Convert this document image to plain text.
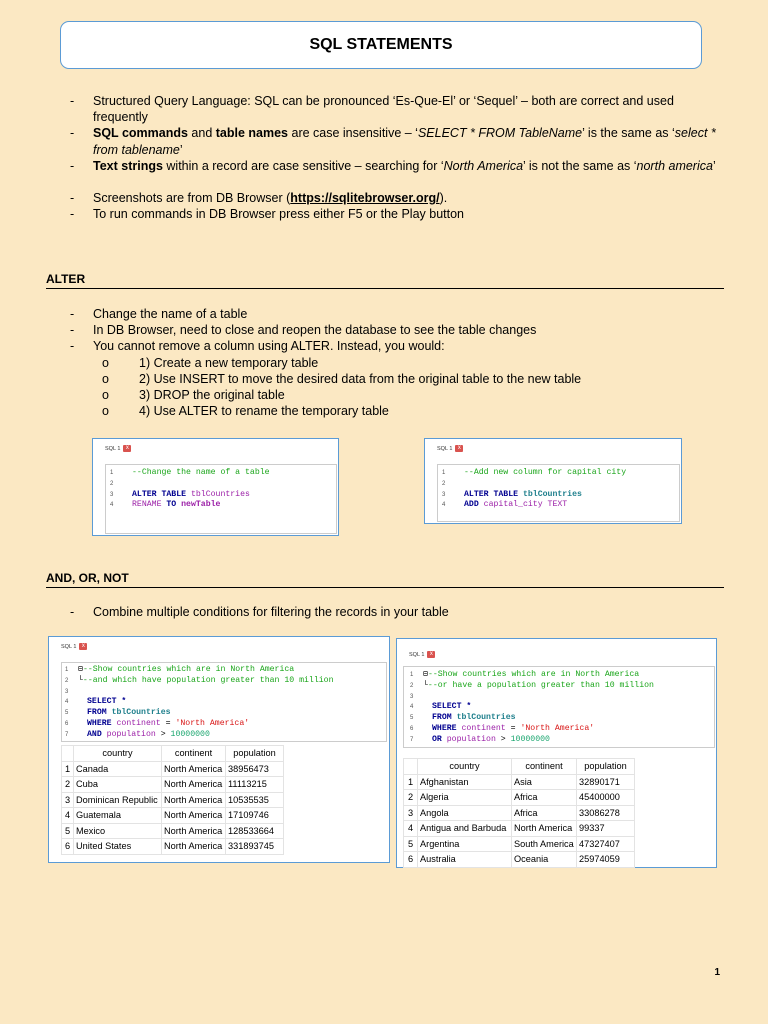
SQL STATEMENTS
- Structured Query Language: SQL can be pronounced ‘Es-Que-El’ or ‘Sequel’ – both are correct and used frequently
- SQL commands and table names are case insensitive – ‘SELECT * FROM TableName’ is the same as ‘select * from tablename’
- Text strings within a record are case sensitive – searching for ‘North America’ is not the same as ‘north america’
- Screenshots are from DB Browser (https://sqlitebrowser.org/).
- To run commands in DB Browser press either F5 or the Play button
ALTER
- Change the name of a table
- In DB Browser, need to close and reopen the database to see the table changes
- You cannot remove a column using ALTER. Instead, you would:
o 1) Create a new temporary table
o 2) Use INSERT to move the desired data from the original table to the new table
o 3) DROP the original table
o 4) Use ALTER to rename the temporary table
SQL 1 x
1 --Change the name of a table
2
3 ALTER TABLE tblCountries
4 RENAME TO newTable
SQL 1 x
1 --Add new column for capital city
2
3 ALTER TABLE tblCountries
4 ADD capital_city TEXT
AND, OR, NOT
- Combine multiple conditions for filtering the records in your table
SQL 1 x
1 ⊟--Show countries which are in North America
2 └--and which have population greater than 10 million
3
4 SELECT *
5 FROM tblCountries
6 WHERE continent = 'North America'
7 AND population > 10000000
	country	continent	population
1	Canada	North America	38956473
2	Cuba	North America	11113215
3	Dominican Republic	North America	10535535
4	Guatemala	North America	17109746
5	Mexico	North America	128533664
6	United States	North America	331893745
SQL 1 x
1 ⊟--Show countries which are in North America
2 └--or have a population greater than 10 million
3
4 SELECT *
5 FROM tblCountries
6 WHERE continent = 'North America'
7 OR population > 10000000
	country	continent	population
1	Afghanistan	Asia	32890171
2	Algeria	Africa	45400000
3	Angola	Africa	33086278
4	Antigua and Barbuda	North America	99337
5	Argentina	South America	47327407
6	Australia	Oceania	25974059
1
